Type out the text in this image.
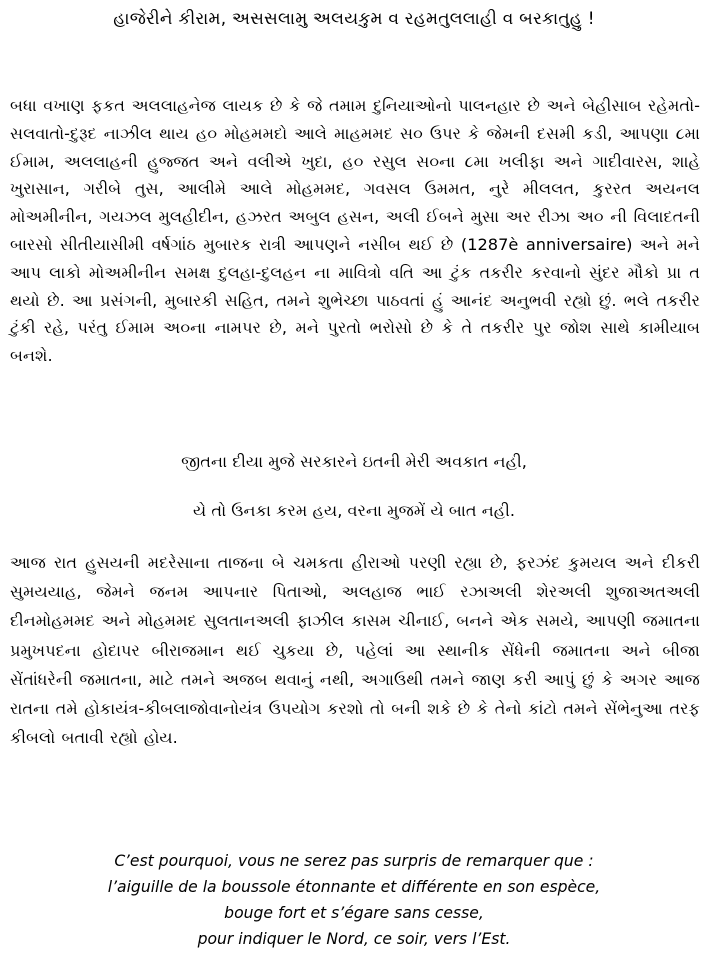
હાજેરીને કીરામ, અસસલામુ અલયકુમ વ રહમતુલલાહી વ બરકાતુહુ !
બધા વખાણ ફકત અલલાહનેજ લાયક છે કે જે તમામ દુનિયાઓનો પાલનહાર છે અને બેહીસાબ રહેમતો-સલવાતો-દુરૂદ નાઝીલ થાય હ૦ મોહમમદો આલે માહમમદ સ૦ ઉપર કે જેમની દસમી કડી, આપણા ૮મા ઈમામ, અલલાહની હુજ્જત અને વલીએ ખુદા, હ૦ રસુલ સ૦ના ૮મા ખલીફા અને ગાદીવારસ, શાહે ખુરાસાન, ગરીબે તુસ, આલીમે આલે મોહમમદ, ગવસલ ઉમમત, નુરે મીલલત, કુરરત અયનલ મોઅમીનીન, ગયઝલ મુલહીદીન, હઝરત અબુલ હસન, અલી ઈબને મુસા અર રીઝા અ૦ ની વિલાદતની બારસો સીતીયાસીમી વર્ષગાંઠ મુબારક રાત્રી આપણને નસીબ થઈ છે (1287è anniversaire) અને મને આપ લાકો મોઅમીનીન સમક્ષ દુલહા-દુલહન ના માવિત્રો વતિ આ ટુંક તકરીર કરવાનો સુંદર મૌકો પ્રા ત થયો છે. આ પ્રસંગની, મુબારકી સહિત, તમને શુભેચ્છા પાઠવતાં હું આનંદ અનુભવી રહ્યો છું. ભલે તકરીર ટુંકી રહે, પરંતુ ઈમામ અ૦ના નામપર છે, મને પુરતો ભરોસો છે કે તે તકરીર પુર જોશ સાથે કામીયાબ બનશે.
જીતના દીયા મુજે સરકારને ઇતની મેરી અવકાત નહી,
યે તો ઉનકા કરમ હય, વરના મુજમેં યે બાત નહી.
આજ રાત હુસયની મદરેસાના તાજના બે ચમકતા હીરાઓ પરણી રહ્યા છે, ફરઝંદ કુમયલ અને દીકરી સુમયયાહ, જેમને જનમ આપનાર પિતાઓ, અલહાજ ભાઈ રઝાઅલી શેરઅલી શુજાઅતઅલી દીનમોહમમદ અને મોહમમદ સુલતાનઅલી ફાઝીલ કાસમ ચીનાઈ, બનને એક સમયે, આપણી જમાતના પ્રમુખપદના હોદાપર બીરાજમાન થઈ ચુકયા છે, પહેલાં આ સ્થાનીક સેંધેની જમાતના અને બીજા સેંતાંધરેની જમાતના, માટે તમને અજબ થવાનું નથી, અગાઉથી તમને જાણ કરી આપું છું કે અગર આજ રાતના તમે હોકાયંત્ર-કીબલાજોવાનોયંત્ર ઉપયોગ કરશો તો બની શકે છે કે તેનો કાંટો તમને સેંભેનુઆ તરફ કીબલો બતાવી રહ્યો હોય.
C’est pourquoi, vous ne serez pas surpris de remarquer que :
l’aiguille de la boussole étonnante et différente en son espèce,
bouge fort et s’égare sans cesse,
pour indiquer le Nord, ce soir, vers l’Est.
